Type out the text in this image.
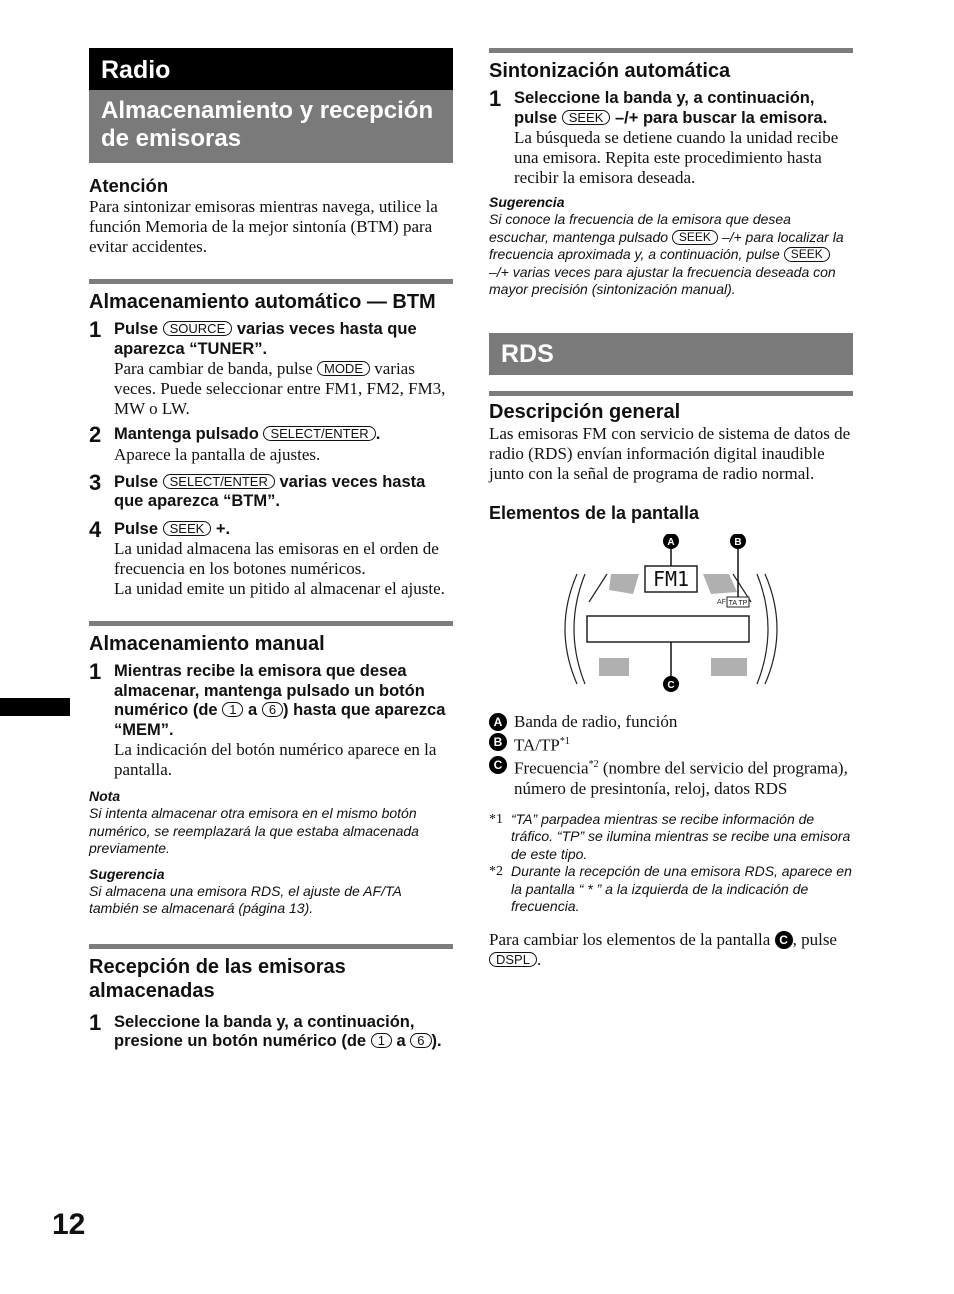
12
Radio
Almacenamiento y recepción de emisoras
Atención

Para sintonizar emisoras mientras navega, utilice la función Memoria de la mejor sintonía (BTM) para evitar accidentes.

Almacenamiento automático — BTM
1 Pulse SOURCE varias veces hasta que aparezca “TUNER”.
Para cambiar de banda, pulse MODE varias veces. Puede seleccionar entre FM1, FM2, FM3, MW o LW.
2 Mantenga pulsado SELECT/ENTER .
Aparece la pantalla de ajustes.
3 Pulse SELECT/ENTER varias veces hasta que aparezca “BTM”.
4 Pulse SEEK +.
La unidad almacena las emisoras en el orden de frecuencia en los botones numéricos.
La unidad emite un pitido al almacenar el ajuste.
Almacenamiento manual
1 Mientras recibe la emisora que desea almacenar, mantenga pulsado un botón numérico (de 1 a 6 ) hasta que aparezca “MEM”.
La indicación del botón numérico aparece en la pantalla.
Nota
Si intenta almacenar otra emisora en el mismo botón numérico, se reemplazará la que estaba almacenada previamente.
Sugerencia
Si almacena una emisora RDS, el ajuste de AF/TA también se almacenará (página 13).
Recepción de las emisoras almacenadas
1 Seleccione la banda y, a continuación, presione un botón numérico (de 1 a 6 ).
Sintonización automática
1 Seleccione la banda y, a continuación, pulse SEEK –/+ para buscar la emisora.
La búsqueda se detiene cuando la unidad recibe una emisora. Repita este procedimiento hasta recibir la emisora deseada.
Sugerencia
Si conoce la frecuencia de la emisora que desea escuchar, mantenga pulsado SEEK –/+ para localizar la frecuencia aproximada y, a continuación, pulse SEEK –/+ varias veces para ajustar la frecuencia deseada con mayor precisión (sintonización manual).
RDS
Descripción general

Las emisoras FM con servicio de sistema de datos de radio (RDS) envían información digital inaudible junto con la señal de programa de radio normal.

Elementos de la pantalla
FM1
AF TA TP
A	B
C
A Banda de radio, función
B TA/TP$^{*1}$
C Frecuencia$^{*2}$ (nombre del servicio del programa), número de presintonía, reloj, datos RDS
*1 “TA” parpadea mientras se recibe información de tráfico. “TP” se ilumina mientras se recibe una emisora de este tipo.
*2 Durante la recepción de una emisora RDS, aparece en la pantalla “ * ” a la izquierda de la indicación de frecuencia.

Para cambiar los elementos de la pantalla C , pulse DSPL .
